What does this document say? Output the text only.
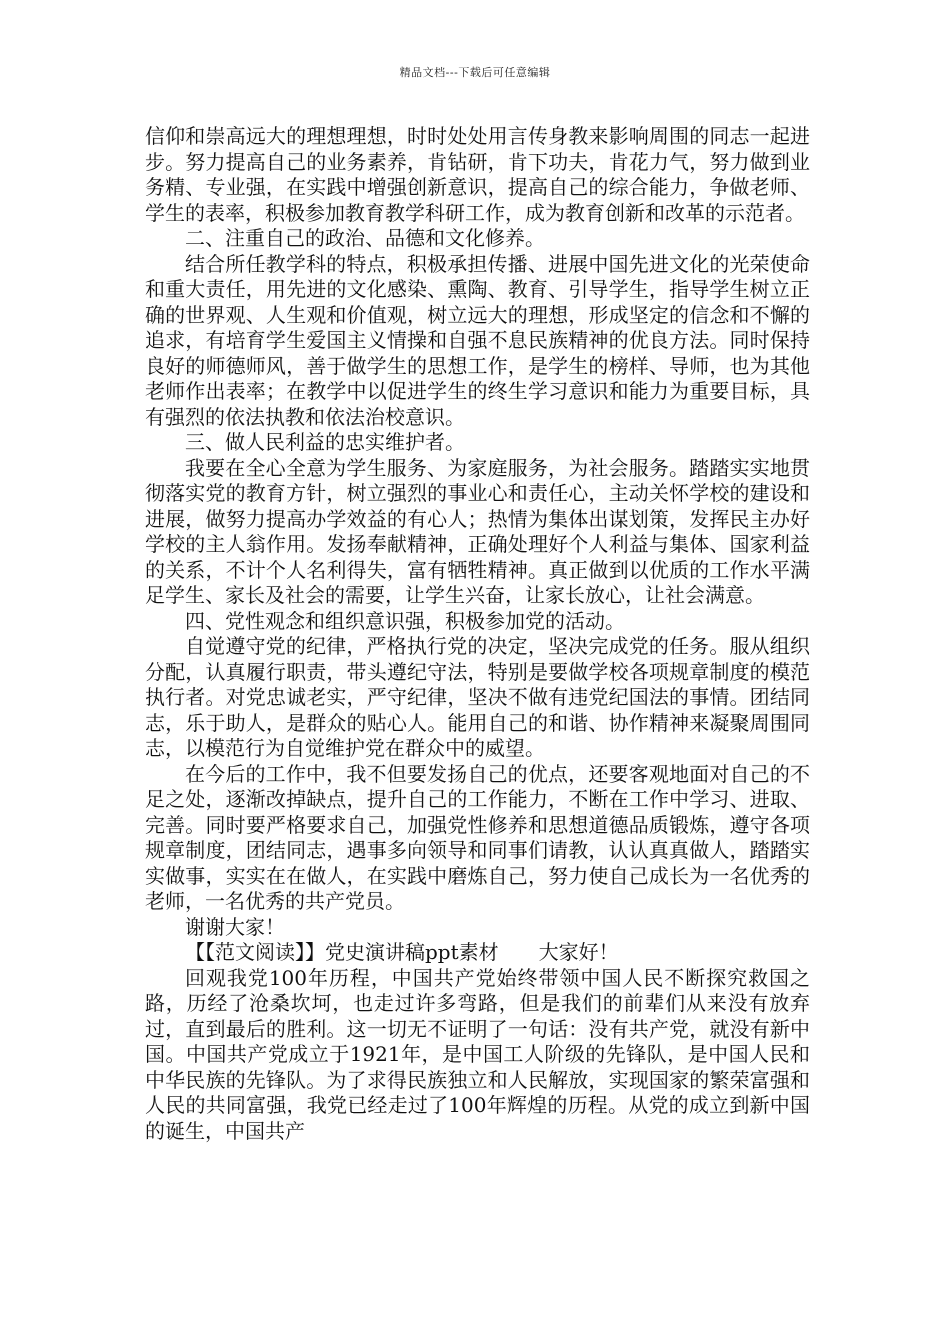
精品文档---下载后可任意编辑

信仰和崇高远大的理想理想，时时处处用言传身教来影响周围的同志一起进步。努力提高自己的业务素养，肯钻研，肯下功夫，肯花力气，努力做到业务精、专业强，在实践中增强创新意识，提高自己的综合能力，争做老师、学生的表率，积极参加教育教学科研工作，成为教育创新和改革的示范者。

二、注重自己的政治、品德和文化修养。

结合所任教学科的特点，积极承担传播、进展中国先进文化的光荣使命和重大责任，用先进的文化感染、熏陶、教育、引导学生，指导学生树立正确的世界观、人生观和价值观，树立远大的理想，形成坚定的信念和不懈的追求，有培育学生爱国主义情操和自强不息民族精神的优良方法。同时保持良好的师德师风，善于做学生的思想工作，是学生的榜样、导师，也为其他老师作出表率；在教学中以促进学生的终生学习意识和能力为重要目标，具有强烈的依法执教和依法治校意识。

三、做人民利益的忠实维护者。

我要在全心全意为学生服务、为家庭服务，为社会服务。踏踏实实地贯彻落实党的教育方针，树立强烈的事业心和责任心，主动关怀学校的建设和进展，做努力提高办学效益的有心人；热情为集体出谋划策，发挥民主办好学校的主人翁作用。发扬奉献精神，正确处理好个人利益与集体、国家利益的关系，不计个人名利得失，富有牺牲精神。真正做到以优质的工作水平满足学生、家长及社会的需要，让学生兴奋，让家长放心，让社会满意。

四、党性观念和组织意识强，积极参加党的活动。

自觉遵守党的纪律，严格执行党的决定，坚决完成党的任务。服从组织分配，认真履行职责，带头遵纪守法，特别是要做学校各项规章制度的模范执行者。对党忠诚老实，严守纪律，坚决不做有违党纪国法的事情。团结同志，乐于助人，是群众的贴心人。能用自己的和谐、协作精神来凝聚周围同志，以模范行为自觉维护党在群众中的威望。

在今后的工作中，我不但要发扬自己的优点，还要客观地面对自己的不足之处，逐渐改掉缺点，提升自己的工作能力，不断在工作中学习、进取、完善。同时要严格要求自己，加强党性修养和思想道德品质锻炼，遵守各项规章制度，团结同志，遇事多向领导和同事们请教，认认真真做人，踏踏实实做事，实实在在做人，在实践中磨炼自己，努力使自己成长为一名优秀的老师，一名优秀的共产党员。

谢谢大家！

【【范文阅读】】党史演讲稿ppt素材　　大家好！

回观我党100年历程，中国共产党始终带领中国人民不断探究救国之路，历经了沧桑坎坷，也走过许多弯路，但是我们的前辈们从来没有放弃过，直到最后的胜利。这一切无不证明了一句话：没有共产党，就没有新中国。中国共产党成立于1921年，是中国工人阶级的先锋队，是中国人民和中华民族的先锋队。为了求得民族独立和人民解放，实现国家的繁荣富强和人民的共同富强，我党已经走过了100年辉煌的历程。从党的成立到新中国的诞生，中国共产
